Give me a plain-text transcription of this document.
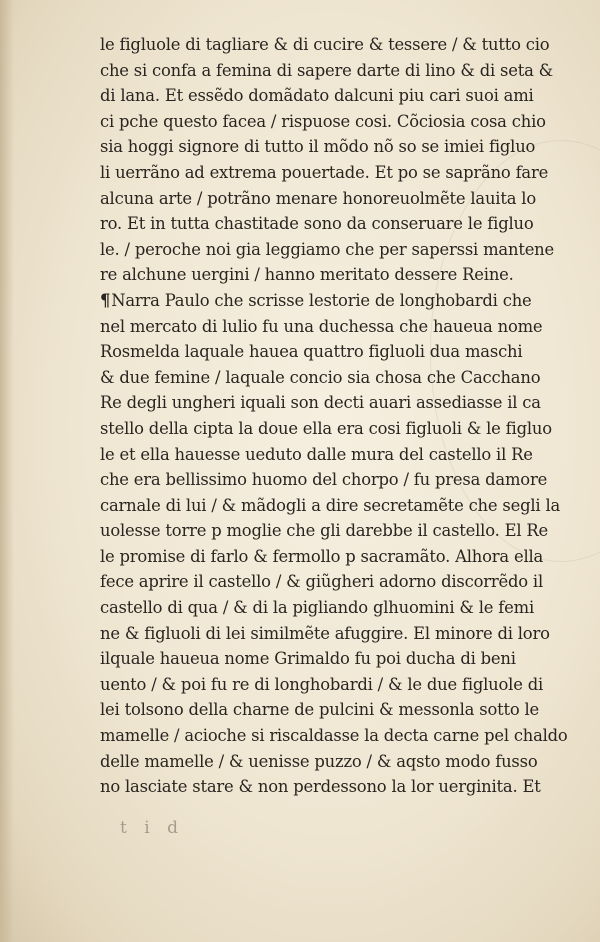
le figluole di tagliare & di cucire & tessere / & tutto cio
che si confa a femina di sapere darte di lino & di seta &
di lana. Et essẽdo domãdato dalcuni piu cari suoi ami
ci pche questo facea / rispuose cosi. Cõciosia cosa chio
sia hoggi signore di tutto il mõdo nõ so se imiei figluo
li uerrãno ad extrema pouertade. Et po se saprãno fare
alcuna arte / potrãno menare honoreuolmẽte lauita lo
ro. Et in tutta chastitade sono da conseruare le figluo
le. / peroche noi gia leggiamo che per saperssi mantene
re alchune uergini / hanno meritato dessere Reine.
¶Narra Paulo che scrisse lestorie de longhobardi che
nel mercato di lulio fu una duchessa che haueua nome
Rosmelda laquale hauea quattro figluoli dua maschi
& due femine / laquale concio sia chosa che Cacchano
Re degli ungheri iquali son decti auari assediasse il ca
stello della cipta la doue ella era cosi figluoli & le figluo
le et ella hauesse ueduto dalle mura del castello il Re
che era bellissimo huomo del chorpo / fu presa damore
carnale di lui / & mãdogli a dire secretamẽte che segli la
uolesse torre p moglie che gli darebbe il castello. El Re
le promise di farlo & fermollo p sacramãto. Alhora ella
fece aprire il castello / & giũgheri adorno discorrẽdo il
castello di qua / & di la pigliando glhuomini & le femi
ne & figluoli di lei similmẽte afuggire. El minore di loro
ilquale haueua nome Grimaldo fu poi ducha di beni
uento / & poi fu re di longhobardi / & le due figluole di
lei tolsono della charne de pulcini & messonla sotto le
mamelle / acioche si riscaldasse la decta carne pel chaldo
delle mamelle / & uenisse puzzo / & aqsto modo fusso
no lasciate stare & non perdessono la lor uerginita. Et
t i d
